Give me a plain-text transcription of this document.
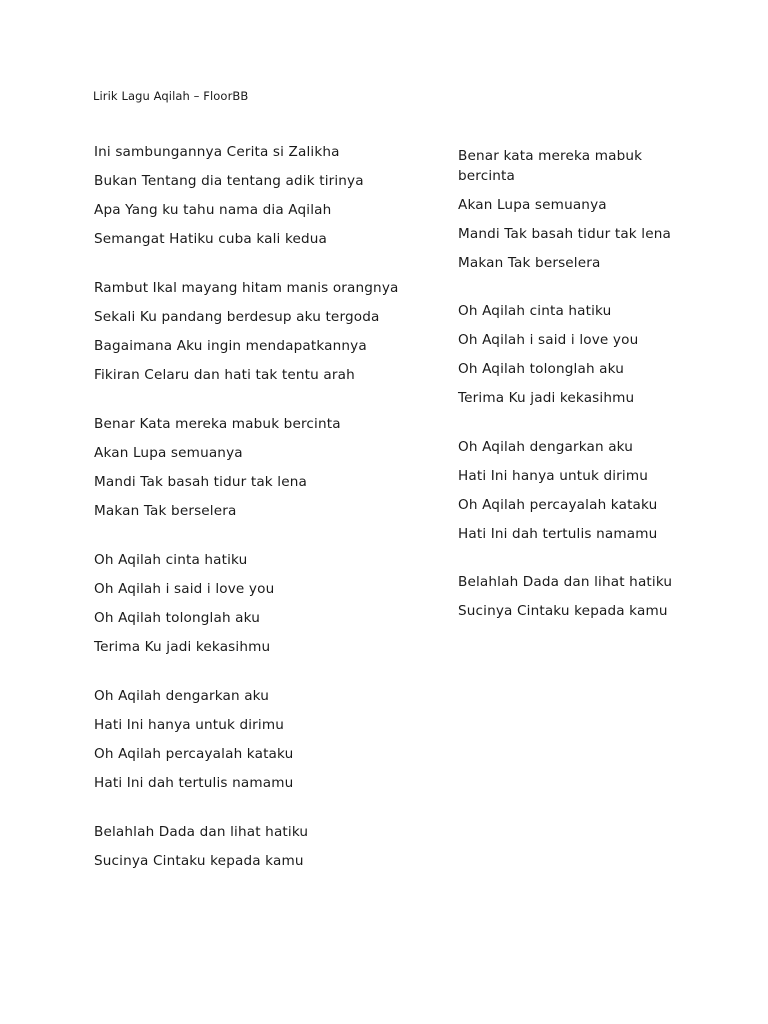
Lirik Lagu Aqilah – FloorBB
Ini sambungannya Cerita si Zalikha
Bukan Tentang dia tentang adik tirinya
Apa Yang ku tahu nama dia Aqilah
Semangat Hatiku cuba kali kedua
Rambut Ikal mayang hitam manis orangnya
Sekali Ku pandang berdesup aku tergoda
Bagaimana Aku ingin mendapatkannya
Fikiran Celaru dan hati tak tentu arah
Benar Kata mereka mabuk bercinta
Akan Lupa semuanya
Mandi Tak basah tidur tak lena
Makan Tak berselera
Oh Aqilah cinta hatiku
Oh Aqilah i said i love you
Oh Aqilah tolonglah aku
Terima Ku jadi kekasihmu
Oh Aqilah dengarkan aku
Hati Ini hanya untuk dirimu
Oh Aqilah percayalah kataku
Hati Ini dah tertulis namamu
Belahlah Dada dan lihat hatiku
Sucinya Cintaku kepada kamu
Benar kata mereka mabuk bercinta
Akan Lupa semuanya
Mandi Tak basah tidur tak lena
Makan Tak berselera
Oh Aqilah cinta hatiku
Oh Aqilah i said i love you
Oh Aqilah tolonglah aku
Terima Ku jadi kekasihmu
Oh Aqilah dengarkan aku
Hati Ini hanya untuk dirimu
Oh Aqilah percayalah kataku
Hati Ini dah tertulis namamu
Belahlah Dada dan lihat hatiku
Sucinya Cintaku kepada kamu
